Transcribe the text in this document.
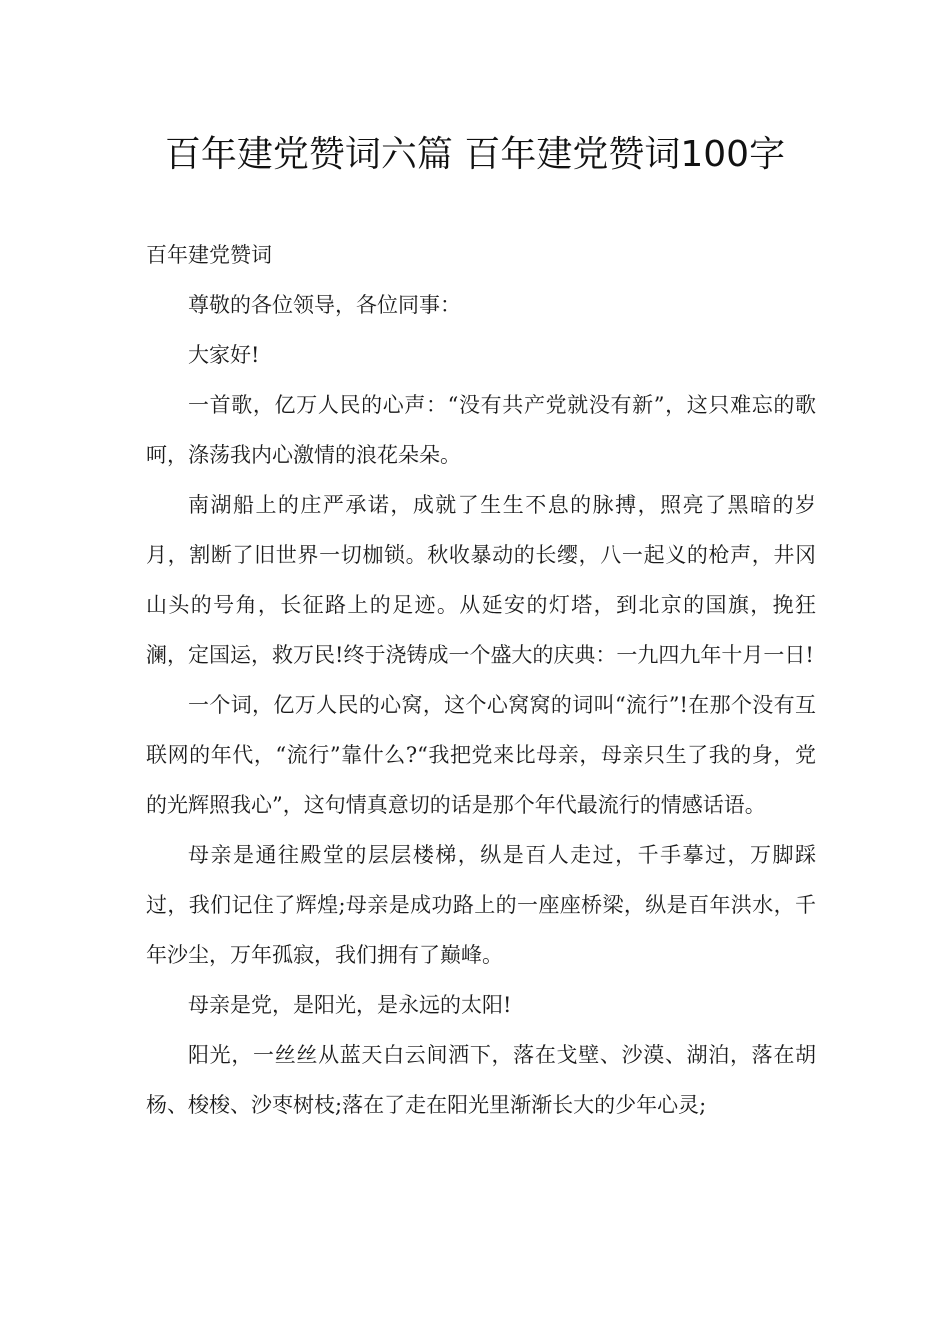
百年建党赞词六篇 百年建党赞词100字

百年建党赞词

尊敬的各位领导，各位同事：

大家好!

一首歌，亿万人民的心声：“没有共产党就没有新”，这只难忘的歌呵，涤荡我内心激情的浪花朵朵。

南湖船上的庄严承诺，成就了生生不息的脉搏，照亮了黑暗的岁月，割断了旧世界一切枷锁。秋收暴动的长缨，八一起义的枪声，井冈山头的号角，长征路上的足迹。从延安的灯塔，到北京的国旗，挽狂澜，定国运，救万民!终于浇铸成一个盛大的庆典：一九四九年十月一日!

一个词，亿万人民的心窝，这个心窝窝的词叫“流行”!在那个没有互联网的年代，“流行”靠什么?“我把党来比母亲，母亲只生了我的身，党的光辉照我心”，这句情真意切的话是那个年代最流行的情感话语。

母亲是通往殿堂的层层楼梯，纵是百人走过，千手摹过，万脚踩过，我们记住了辉煌;母亲是成功路上的一座座桥梁，纵是百年洪水，千年沙尘，万年孤寂，我们拥有了巅峰。

母亲是党，是阳光，是永远的太阳!

阳光，一丝丝从蓝天白云间洒下，落在戈壁、沙漠、湖泊，落在胡杨、梭梭、沙枣树枝;落在了走在阳光里渐渐长大的少年心灵;
